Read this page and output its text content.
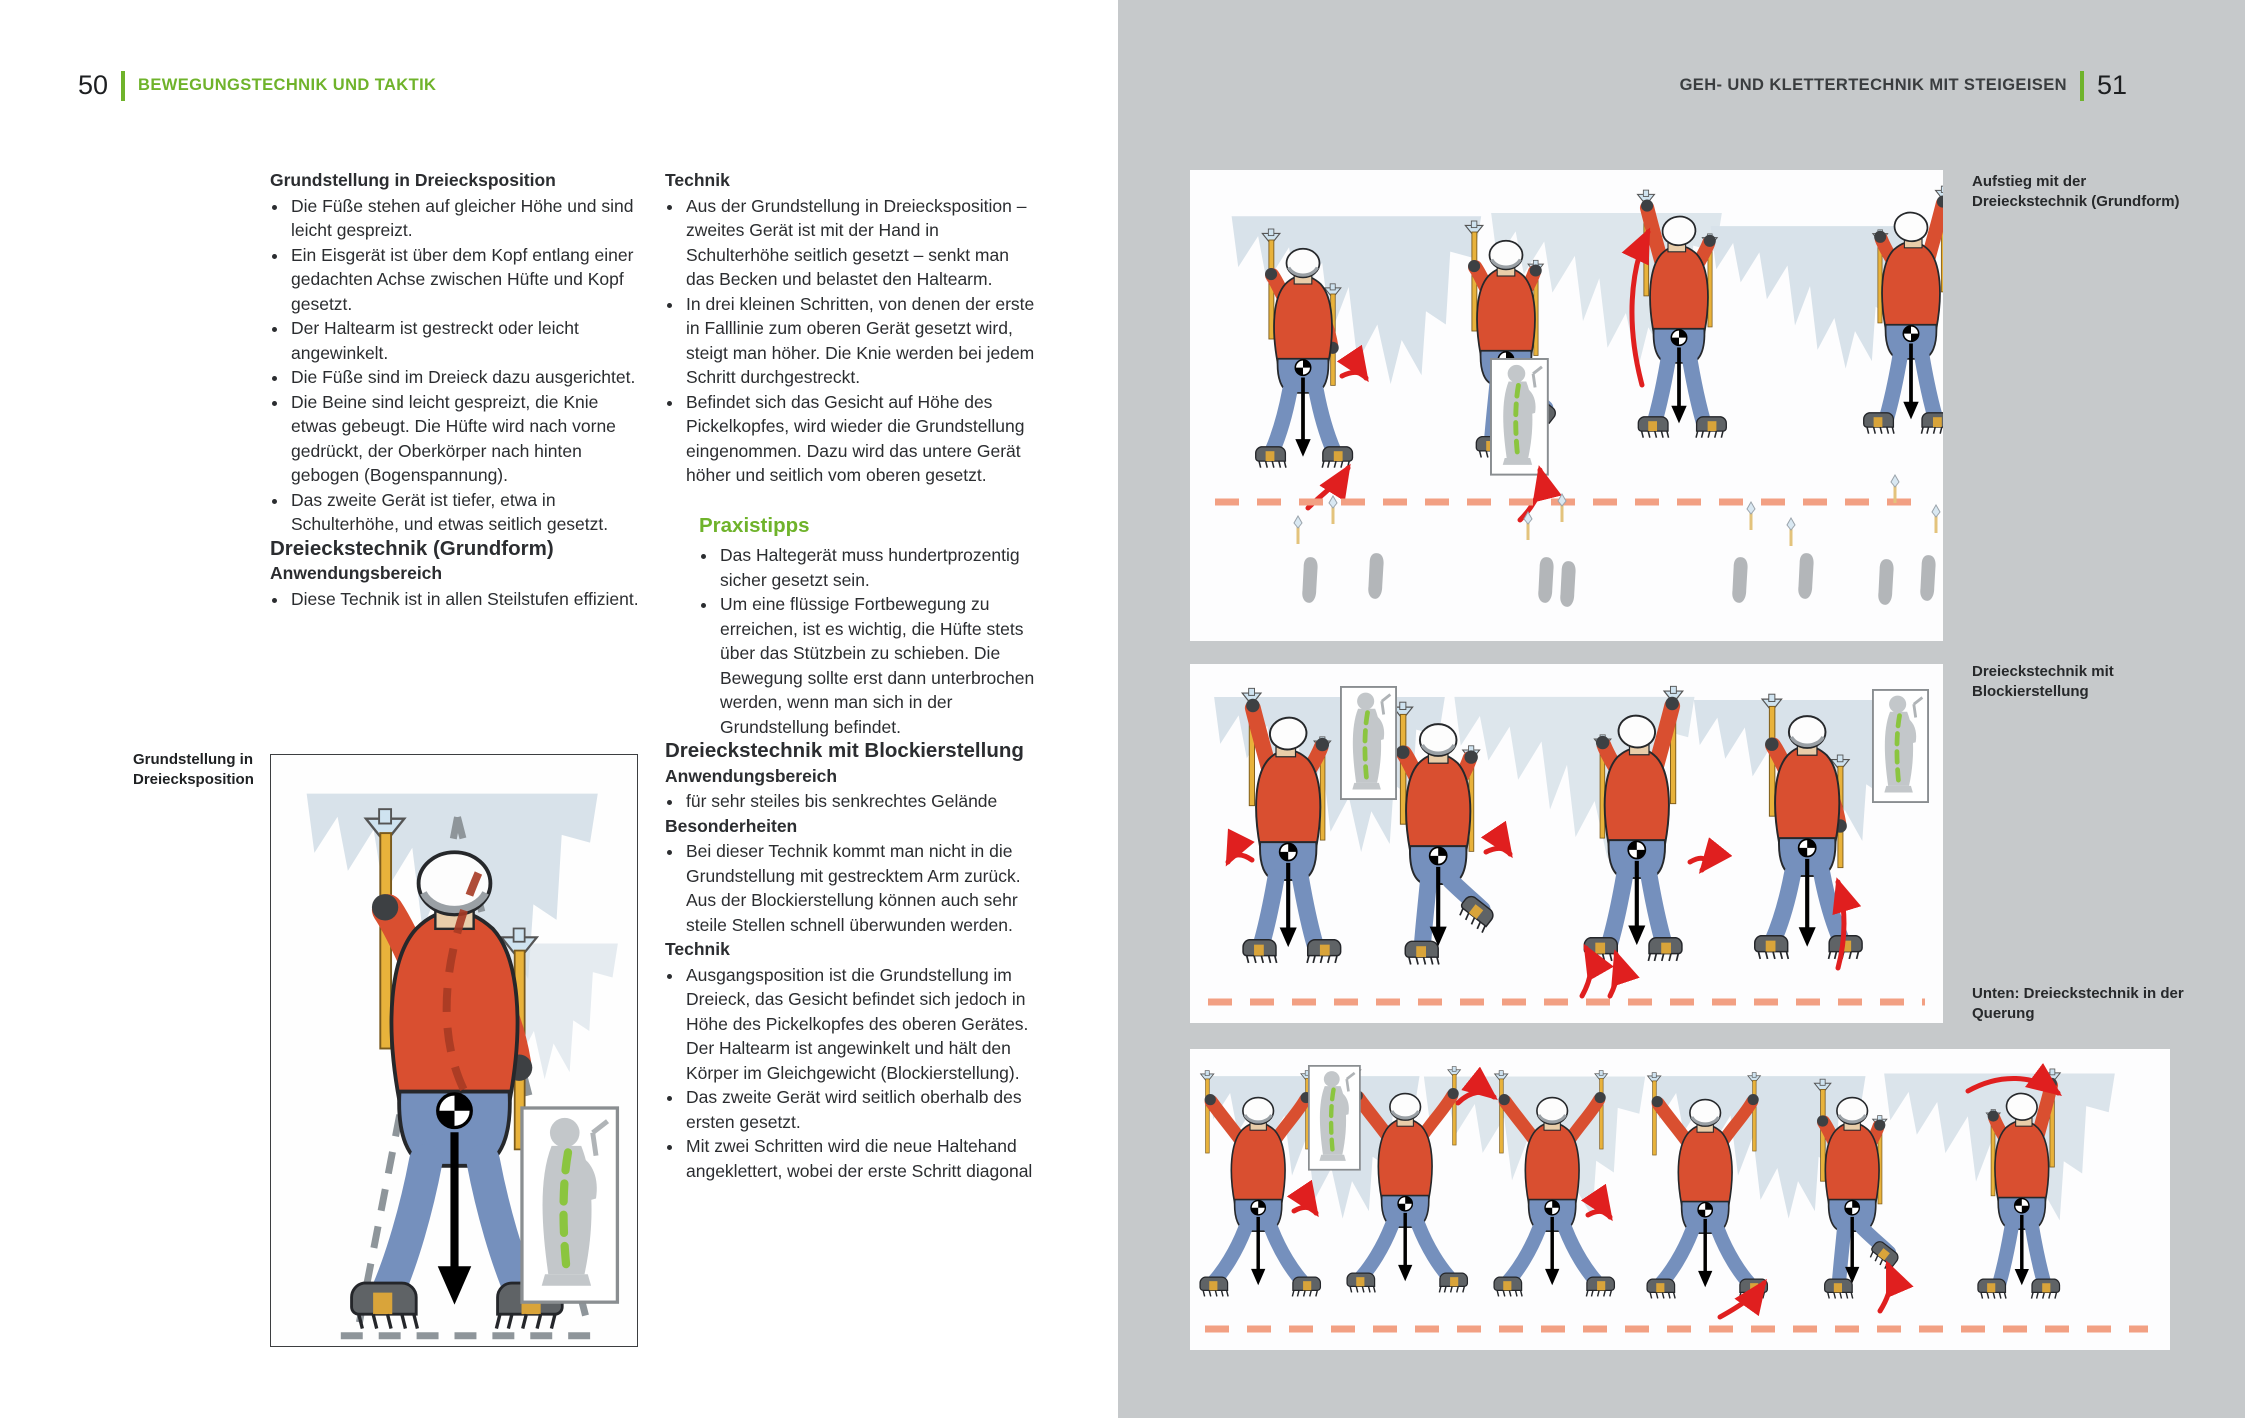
50 BEWEGUNGSTECHNIK UND TAKTIK	GEH- UND KLETTERTECHNIK MIT STEIGEISEN 51
Grundstellung in Dreiecksposition
• Die Füße stehen auf gleicher Höhe und sind leicht gespreizt.
• Ein Eisgerät ist über dem Kopf entlang einer gedachten Achse zwischen Hüfte und Kopf gesetzt.
• Der Haltearm ist gestreckt oder leicht angewinkelt.
• Die Füße sind im Dreieck dazu ausgerichtet.
• Die Beine sind leicht gespreizt, die Knie etwas gebeugt. Die Hüfte wird nach vorne gedrückt, der Oberkörper nach hinten gebogen (Bogenspannung).
• Das zweite Gerät ist tiefer, etwa in Schulterhöhe, und etwas seitlich gesetzt.
Dreieckstechnik (Grundform)
Anwendungsbereich
• Diese Technik ist in allen Steilstufen effizient.
Technik
• Aus der Grundstellung in Dreiecksposition – zweites Gerät ist mit der Hand in Schulterhöhe seitlich gesetzt – senkt man das Becken und belastet den Haltearm.
• In drei kleinen Schritten, von denen der erste in Falllinie zum oberen Gerät gesetzt wird, steigt man höher. Die Knie werden bei jedem Schritt durchgestreckt.
• Befindet sich das Gesicht auf Höhe des Pickelkopfes, wird wieder die Grundstellung eingenommen. Dazu wird das untere Gerät höher und seitlich vom oberen gesetzt.
Praxistipps
• Das Haltegerät muss hundertprozentig sicher gesetzt sein.
• Um eine flüssige Fortbewegung zu erreichen, ist es wichtig, die Hüfte stets über das Stützbein zu schieben. Die Bewegung sollte erst dann unterbrochen werden, wenn man sich in der Grundstellung befindet.
Dreieckstechnik mit Blockierstellung
Anwendungsbereich
• für sehr steiles bis senkrechtes Gelände
Besonderheiten
• Bei dieser Technik kommt man nicht in die Grundstellung mit gestrecktem Arm zurück. Aus der Blockierstellung können auch sehr steile Stellen schnell überwunden werden.
Technik
• Ausgangsposition ist die Grundstellung im Dreieck, das Gesicht befindet sich jedoch in Höhe des Pickelkopfes des oberen Gerätes. Der Haltearm ist angewinkelt und hält den Körper im Gleichgewicht (Blockierstellung).
• Das zweite Gerät wird seitlich oberhalb des ersten gesetzt.
• Mit zwei Schritten wird die neue Haltehand angeklettert, wobei der erste Schritt diagonal
Grundstellung in Dreiecksposition
Aufstieg mit der Dreieckstechnik (Grundform)
Dreieckstechnik mit Blockierstellung
Unten: Dreieckstechnik in der Querung
